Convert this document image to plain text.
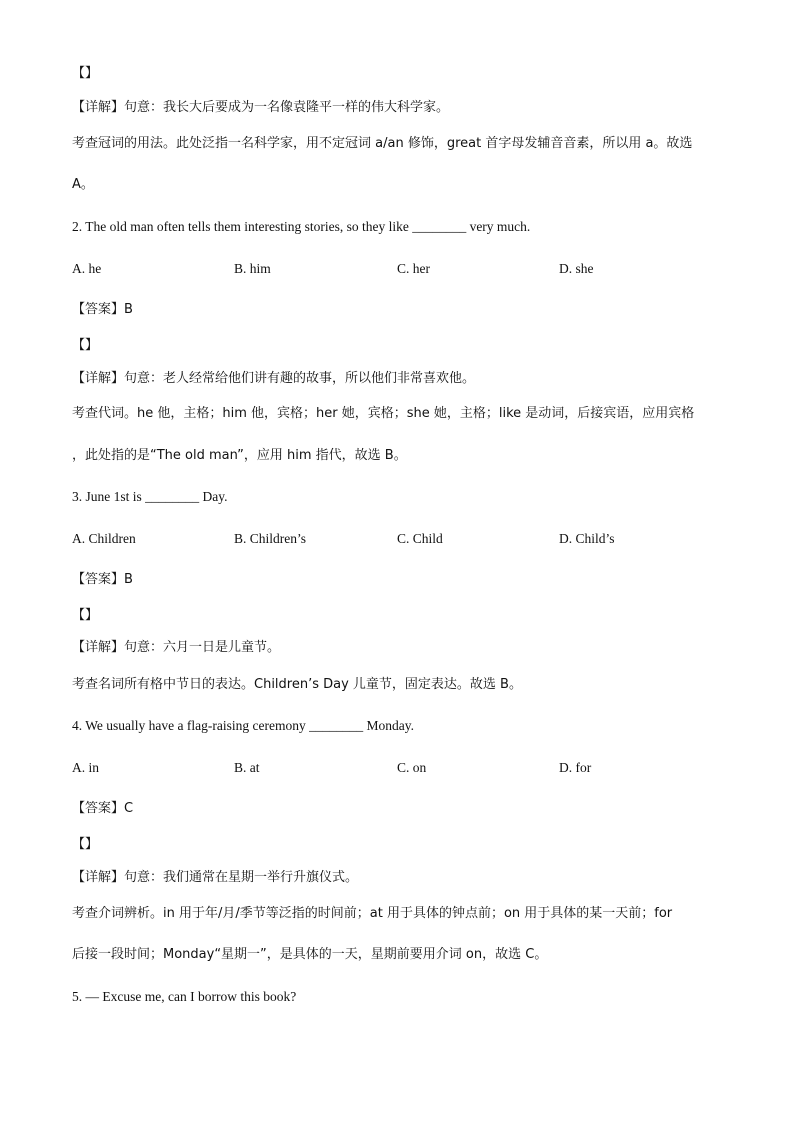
【】
【详解】句意：我长大后要成为一名像袁隆平一样的伟大科学家。
考查冠词的用法。此处泛指一名科学家，用不定冠词 a/an 修饰，great 首字母发辅音音素，所以用 a。故选
A。
2. The old man often tells them interesting stories, so they like ________ very much.
A. he	B. him	C. her	D. she
【答案】B
【】
【详解】句意：老人经常给他们讲有趣的故事，所以他们非常喜欢他。
考查代词。he 他，主格；him 他，宾格；her 她，宾格；she 她，主格；like 是动词，后接宾语，应用宾格
，此处指的是“The old man”，应用 him 指代，故选 B。
3. June 1st is ________ Day.
A. Children	B. Children’s	C. Child	D. Child’s
【答案】B
【】
【详解】句意：六月一日是儿童节。
考查名词所有格中节日的表达。Children’s Day 儿童节，固定表达。故选 B。
4. We usually have a flag-raising ceremony ________ Monday.
A. in	B. at	C. on	D. for
【答案】C
【】
【详解】句意：我们通常在星期一举行升旗仪式。
考查介词辨析。in 用于年/月/季节等泛指的时间前；at 用于具体的钟点前；on 用于具体的某一天前；for
后接一段时间；Monday“星期一”，是具体的一天，星期前要用介词 on，故选 C。
5. — Excuse me, can I borrow this book?
